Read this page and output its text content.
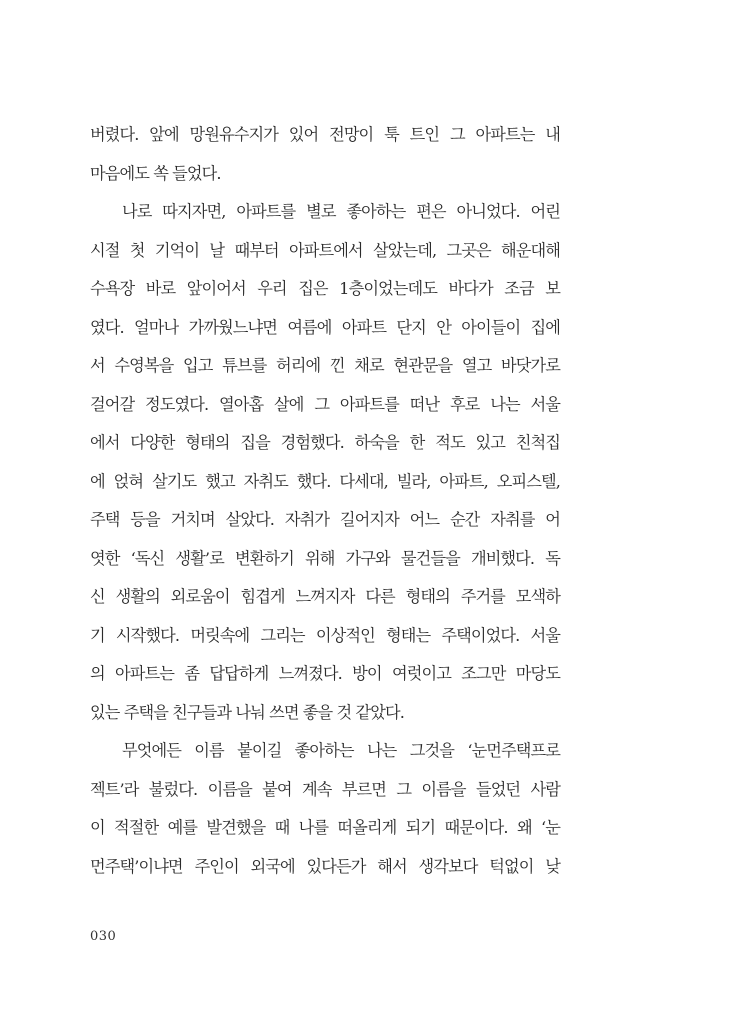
버렸다. 앞에 망원유수지가 있어 전망이 툭 트인 그 아파트는 내
마음에도 쏙 들었다.
나로 따지자면, 아파트를 별로 좋아하는 편은 아니었다. 어린
시절 첫 기억이 날 때부터 아파트에서 살았는데, 그곳은 해운대해
수욕장 바로 앞이어서 우리 집은 1층이었는데도 바다가 조금 보
였다. 얼마나 가까웠느냐면 여름에 아파트 단지 안 아이들이 집에
서 수영복을 입고 튜브를 허리에 낀 채로 현관문을 열고 바닷가로
걸어갈 정도였다. 열아홉 살에 그 아파트를 떠난 후로 나는 서울
에서 다양한 형태의 집을 경험했다. 하숙을 한 적도 있고 친척집
에 얹혀 살기도 했고 자취도 했다. 다세대, 빌라, 아파트, 오피스텔,
주택 등을 거치며 살았다. 자취가 길어지자 어느 순간 자취를 어
엿한 ‘독신 생활’로 변환하기 위해 가구와 물건들을 개비했다. 독
신 생활의 외로움이 힘겹게 느껴지자 다른 형태의 주거를 모색하
기 시작했다. 머릿속에 그리는 이상적인 형태는 주택이었다. 서울
의 아파트는 좀 답답하게 느껴졌다. 방이 여럿이고 조그만 마당도
있는 주택을 친구들과 나눠 쓰면 좋을 것 같았다.
무엇에든 이름 붙이길 좋아하는 나는 그것을 ‘눈먼주택프로
젝트’라 불렀다. 이름을 붙여 계속 부르면 그 이름을 들었던 사람
이 적절한 예를 발견했을 때 나를 떠올리게 되기 때문이다. 왜 ‘눈
먼주택’이냐면 주인이 외국에 있다든가 해서 생각보다 턱없이 낮
030
